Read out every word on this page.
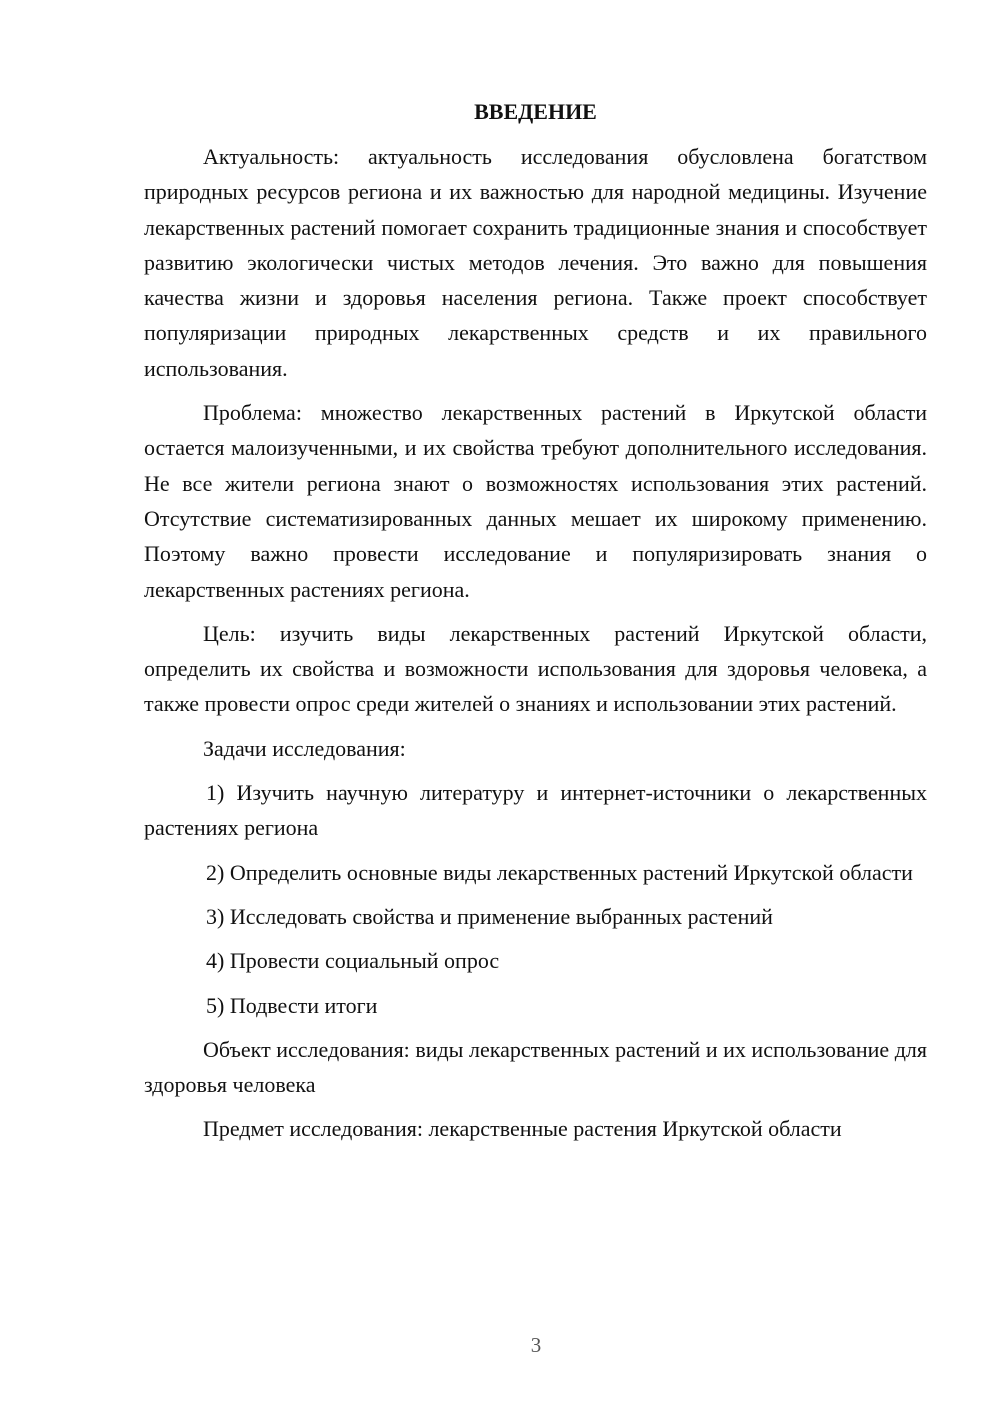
ВВЕДЕНИЕ

Актуальность: актуальность исследования обусловлена богатством природных ресурсов региона и их важностью для народной медицины. Изучение лекарственных растений помогает сохранить традиционные знания и способствует развитию экологически чистых методов лечения. Это важно для повышения качества жизни и здоровья населения региона. Также проект способствует популяризации природных лекарственных средств и их правильного использования.

Проблема: множество лекарственных растений в Иркутской области остается малоизученными, и их свойства требуют дополнительного исследования. Не все жители региона знают о возможностях использования этих растений. Отсутствие систематизированных данных мешает их широкому применению. Поэтому важно провести исследование и популяризировать знания о лекарственных растениях региона.

Цель: изучить виды лекарственных растений Иркутской области, определить их свойства и возможности использования для здоровья человека, а также провести опрос среди жителей о знаниях и использовании этих растений.

Задачи исследования:

1) Изучить научную литературу и интернет-источники о лекарственных растениях региона

2) Определить основные виды лекарственных растений Иркутской области

3) Исследовать свойства и применение выбранных растений

4) Провести социальный опрос

5) Подвести итоги

Объект исследования: виды лекарственных растений и их использование для здоровья человека

Предмет исследования: лекарственные растения Иркутской области

3
